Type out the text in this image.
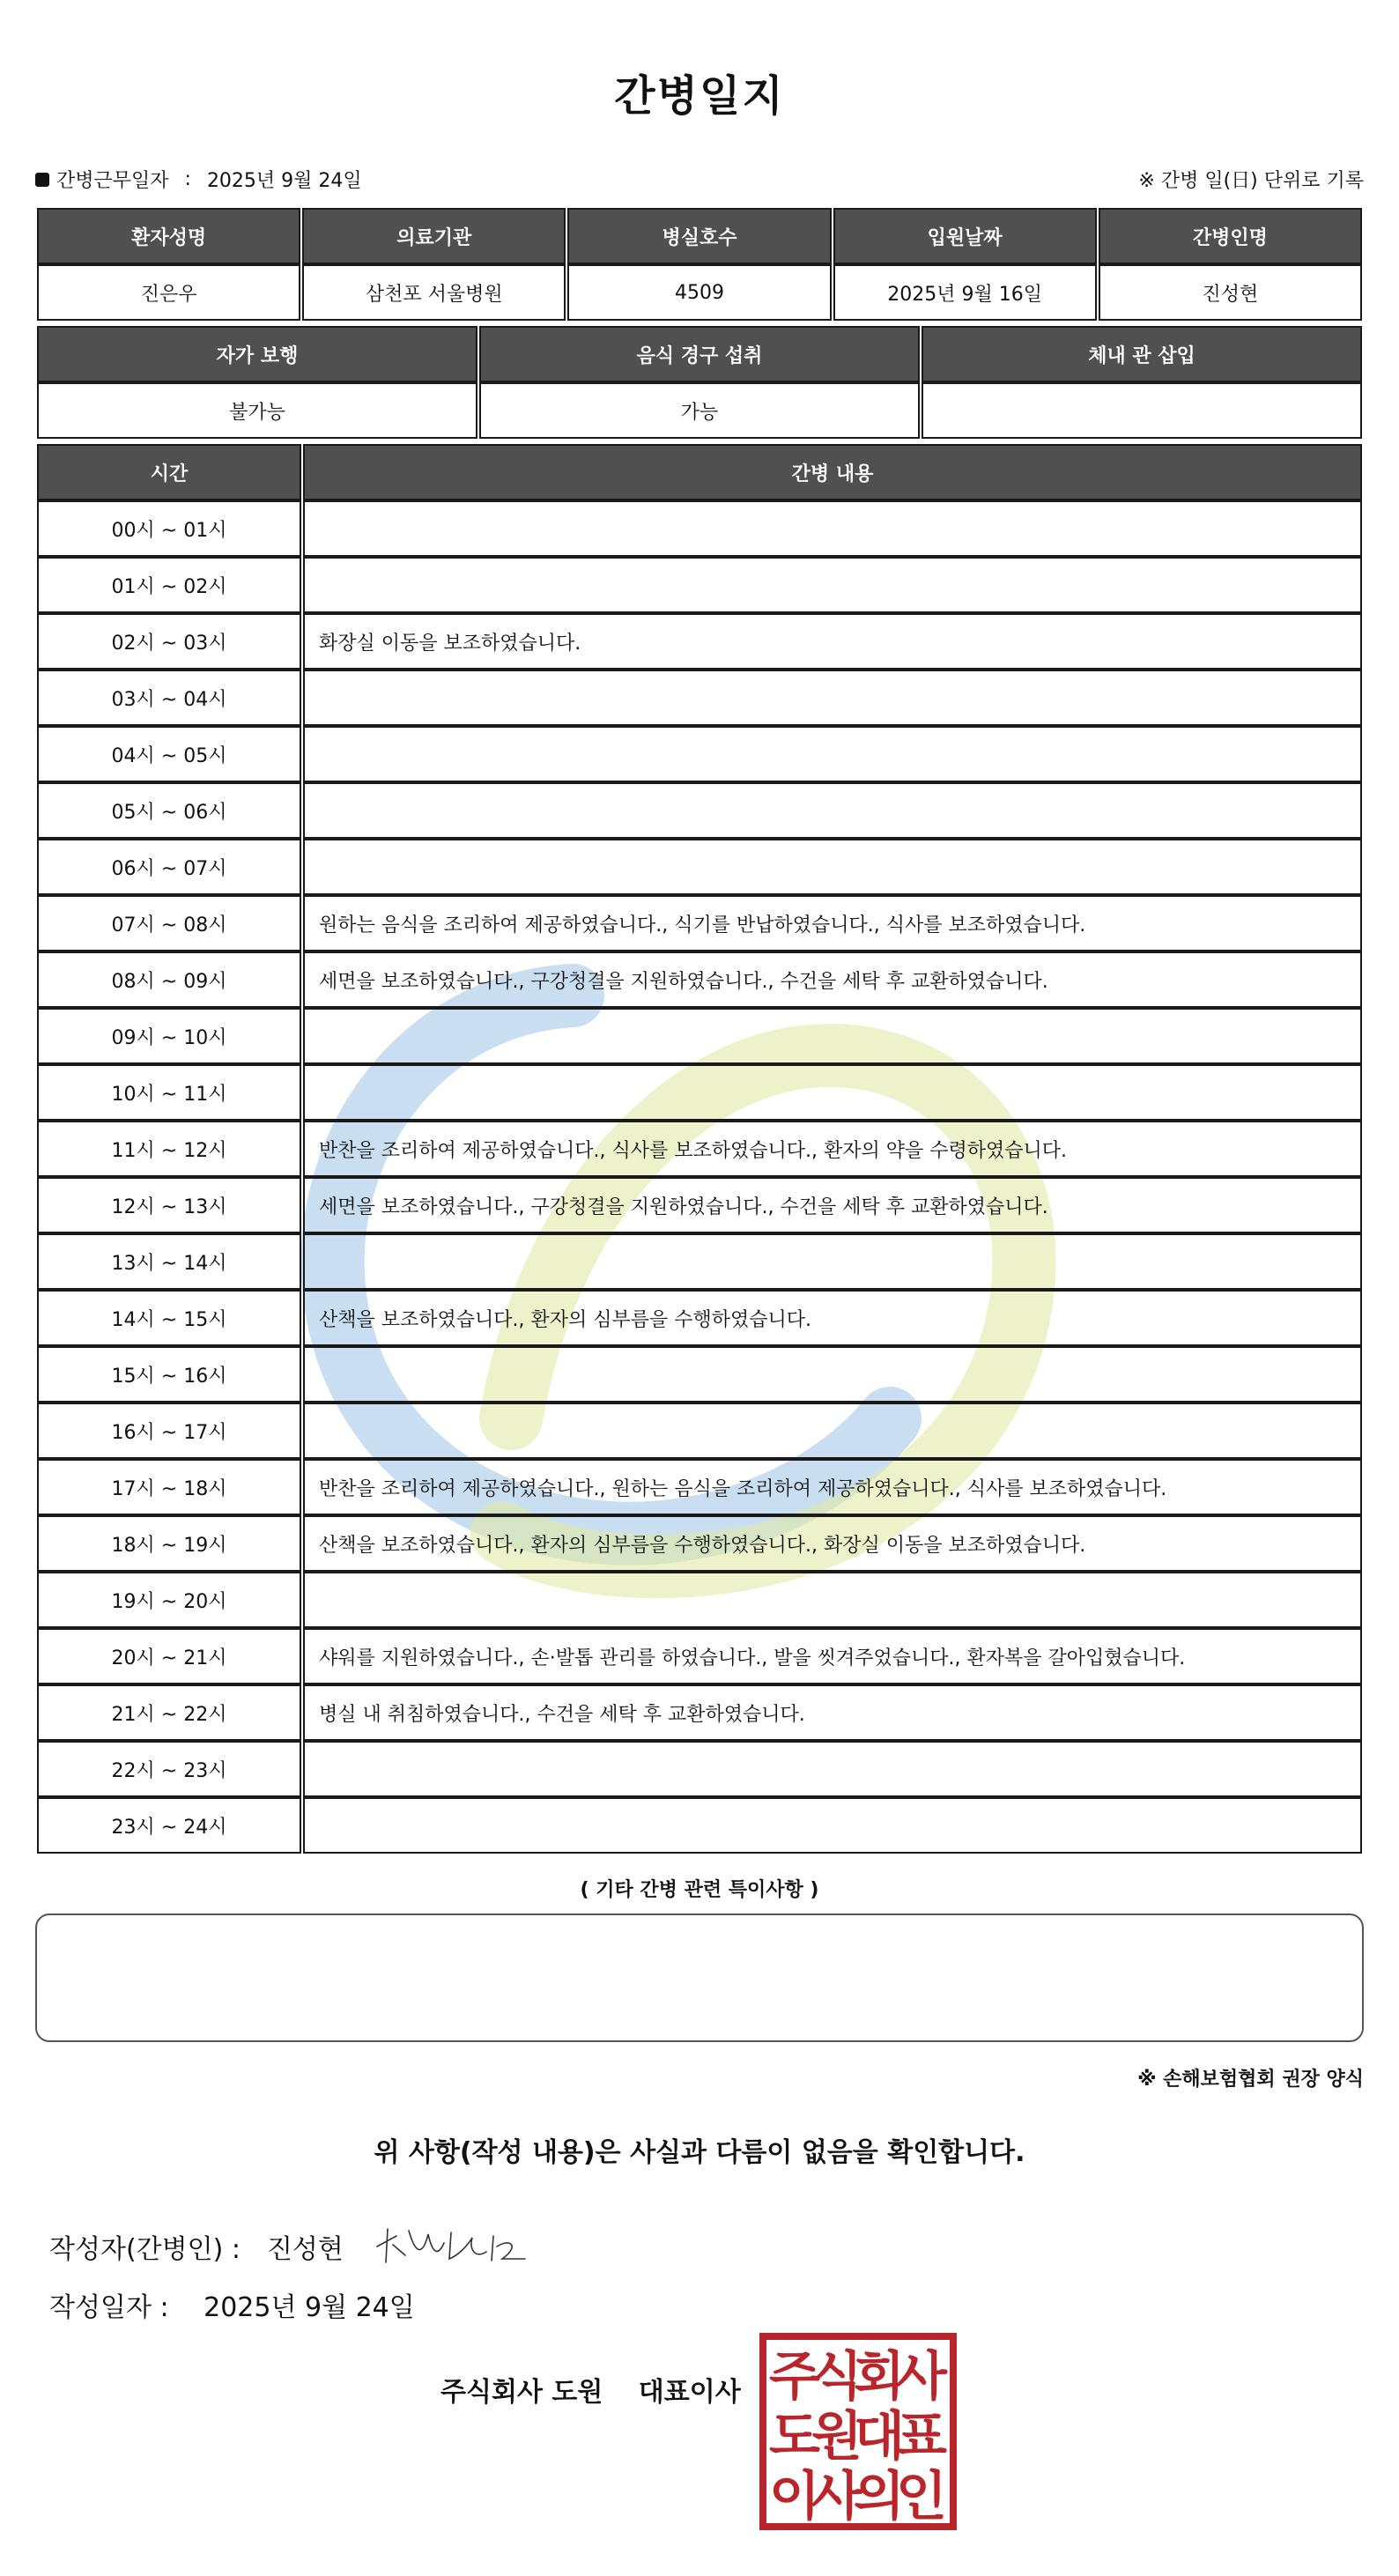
간병일지
간병근무일자 : 2025년 9월 24일	※ 간병 일(日) 단위로 기록
환자성명	의료기관	병실호수	입원날짜	간병인명
진은우	삼천포 서울병원	4509	2025년 9월 16일	진성현
자가 보행	음식 경구 섭취	체내 관 삽입
불가능	가능	
시간	간병 내용
00시 ~ 01시	
01시 ~ 02시	
02시 ~ 03시	화장실 이동을 보조하였습니다.
03시 ~ 04시	
04시 ~ 05시	
05시 ~ 06시	
06시 ~ 07시	
07시 ~ 08시	원하는 음식을 조리하여 제공하였습니다., 식기를 반납하였습니다., 식사를 보조하였습니다.
08시 ~ 09시	세면을 보조하였습니다., 구강청결을 지원하였습니다., 수건을 세탁 후 교환하였습니다.
09시 ~ 10시	
10시 ~ 11시	
11시 ~ 12시	반찬을 조리하여 제공하였습니다., 식사를 보조하였습니다., 환자의 약을 수령하였습니다.
12시 ~ 13시	세면을 보조하였습니다., 구강청결을 지원하였습니다., 수건을 세탁 후 교환하였습니다.
13시 ~ 14시	
14시 ~ 15시	산책을 보조하였습니다., 환자의 심부름을 수행하였습니다.
15시 ~ 16시	
16시 ~ 17시	
17시 ~ 18시	반찬을 조리하여 제공하였습니다., 원하는 음식을 조리하여 제공하였습니다., 식사를 보조하였습니다.
18시 ~ 19시	산책을 보조하였습니다., 환자의 심부름을 수행하였습니다., 화장실 이동을 보조하였습니다.
19시 ~ 20시	
20시 ~ 21시	샤워를 지원하였습니다., 손·발톱 관리를 하였습니다., 발을 씻겨주었습니다., 환자복을 갈아입혔습니다.
21시 ~ 22시	병실 내 취침하였습니다., 수건을 세탁 후 교환하였습니다.
22시 ~ 23시	
23시 ~ 24시	
( 기타 간병 관련 특이사항 )
※ 손해보험협회 권장 양식
위 사항(작성 내용)은 사실과 다름이 없음을 확인합니다.
작성자(간병인) : 진성현
작성일자 : 2025년 9월 24일
주식회사 도원 대표이사 주
식
회
사
도
원
대
표
이
사
의
인
